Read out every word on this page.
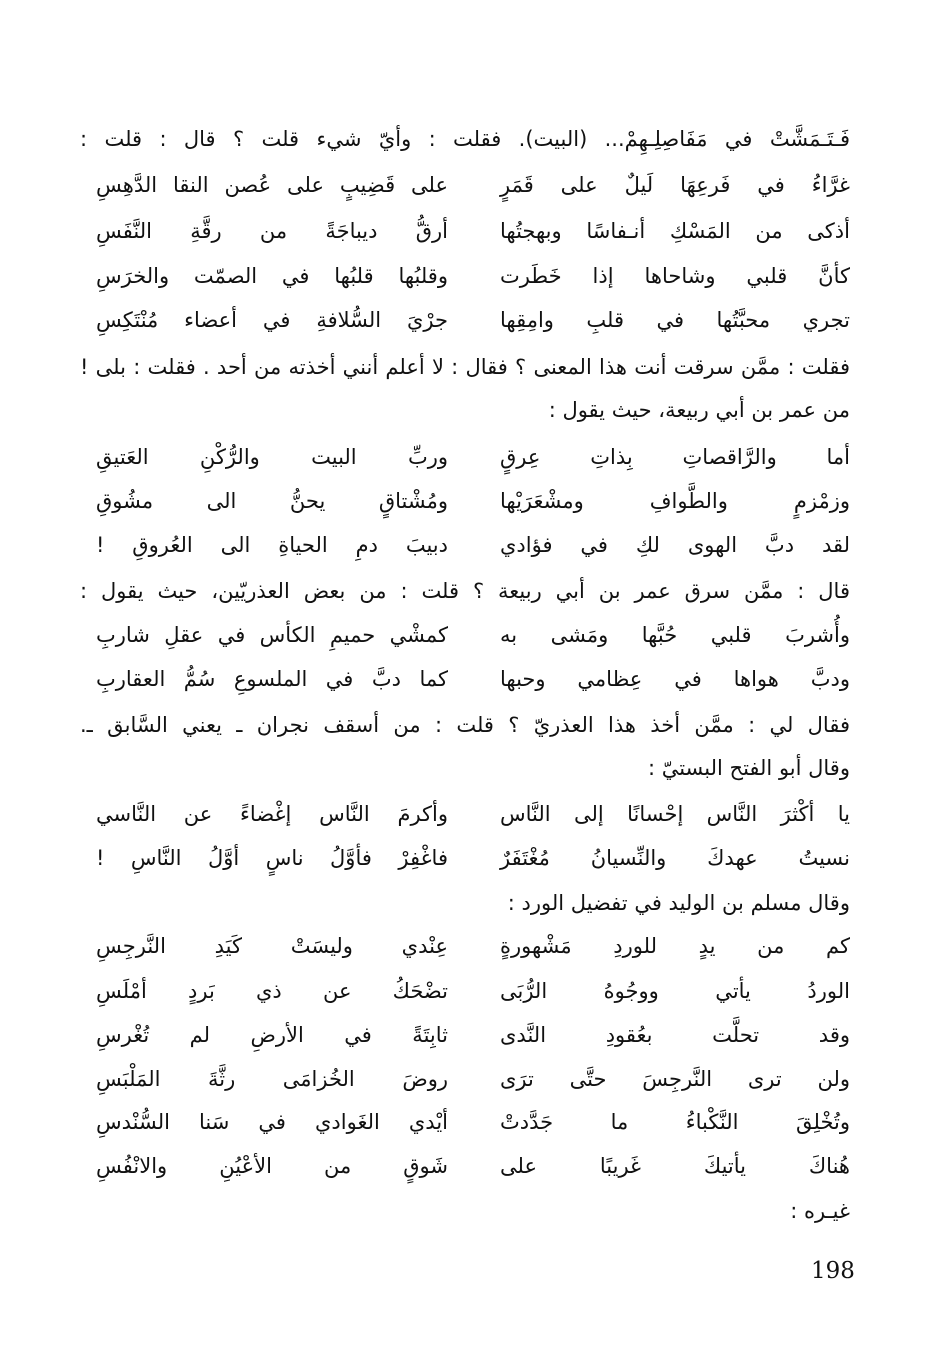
فَـتَـمَشَّتْ في مَفَاصِلِـهِمْ... (البيت). فقلت : وأيّ شيء قلت ؟ قال : قلت :
غرَّاءُ في فَرعِهَا لَيلٌ على قَمَرٍ
على قَضِيبٍ على عُصن النقا الدَّهِسِ
أذكى من المَسْكِ أنـفاسًا وبهجتُها
أرقُّ ديباجَةً من رقَّةِ النَّفَسِ
كأنَّ قلبي وشاحاها إذا خَطَرت
وقلبُها قلبُها في الصمّت والخرَسِ
تجري محبَّتُها في قلبِ وامِقِها
جرْيَ السُّلافةِ في أعضاء مُنْتَكِسِ
فقلت : ممَّن سرقت أنت هذا المعنى ؟ فقال : لا أعلم أنني أخذته من أحد . فقلت : بلى !
من عمر بن أبي ربيعة، حيث يقول :
أما والرَّاقصاتِ بِذاتِ عِرقٍ
وربِّ البيت والرُّكْنِ العَتيقِ
وزمْزمٍ والطَّوافِ ومشْعَرَيْها
ومُشْتاقٍ يحنُّ الى مشُوقِ
لقد دبَّ الهوى لكِ في فؤادي
دبيبَ دمِ الحياةِ الى العُروقِ !
قال : ممَّن سرق عمر بن أبي ربيعة ؟ قلت : من بعض العذريّين، حيث يقول :
وأُشربَ قلبي حُبَّها ومَشى به
كمشْي حميمِ الكأس في عقلِ شاربِ
ودبَّ هواها في عِظامي وحبها
كما دبَّ في الملسوعِ سُمُّ العقاربِ
فقال لي : ممَّن أخذ هذا العذريّ ؟ قلت : من أسقف نجران ـ يعني السَّابق ـ.
وقال أبو الفتح البستيّ :
يا أكْثرَ النَّاس إحْسانًا إلى النَّاس
وأكرمَ النَّاس إغْضاءً عن النَّاسي
نسيتُ عهدكَ والنِّسيانُ مُغْتَفَرٌ
فاغْفِرْ فأوَّلُ ناسٍ أوَّلُ النَّاسِ !
وقال مسلم بن الوليد في تفضيل الورد :
كم من يدٍ للوردِ مَشْهورةٍ
عِنْدي وليسَتْ كَيَدِ النَّرجِسِ
الوردُ يأتي ووجُوهُ الرُّبَى
تضْحَكُ عن ذي بَردٍ أمْلَسِ
وقد تحلَّت بعُقودِ النَّدى
ثابِتَةً في الأرضِ لم تُغْرسِ
ولن ترى النَّرجِسَ حتَّى ترَى
روضَ الخُزامَى رثَّةَ المَلْبَسِ
وتُخْلِقَ النَّكْباءُ ما جَدَّدتْ
أيْدي الغَوادي في سَنا السُّنْدسِ
هُناكَ يأتيكَ غَريبًا على
شَوقٍ من الأعْيُنِ والانْفُسِ
غيـره :
198
